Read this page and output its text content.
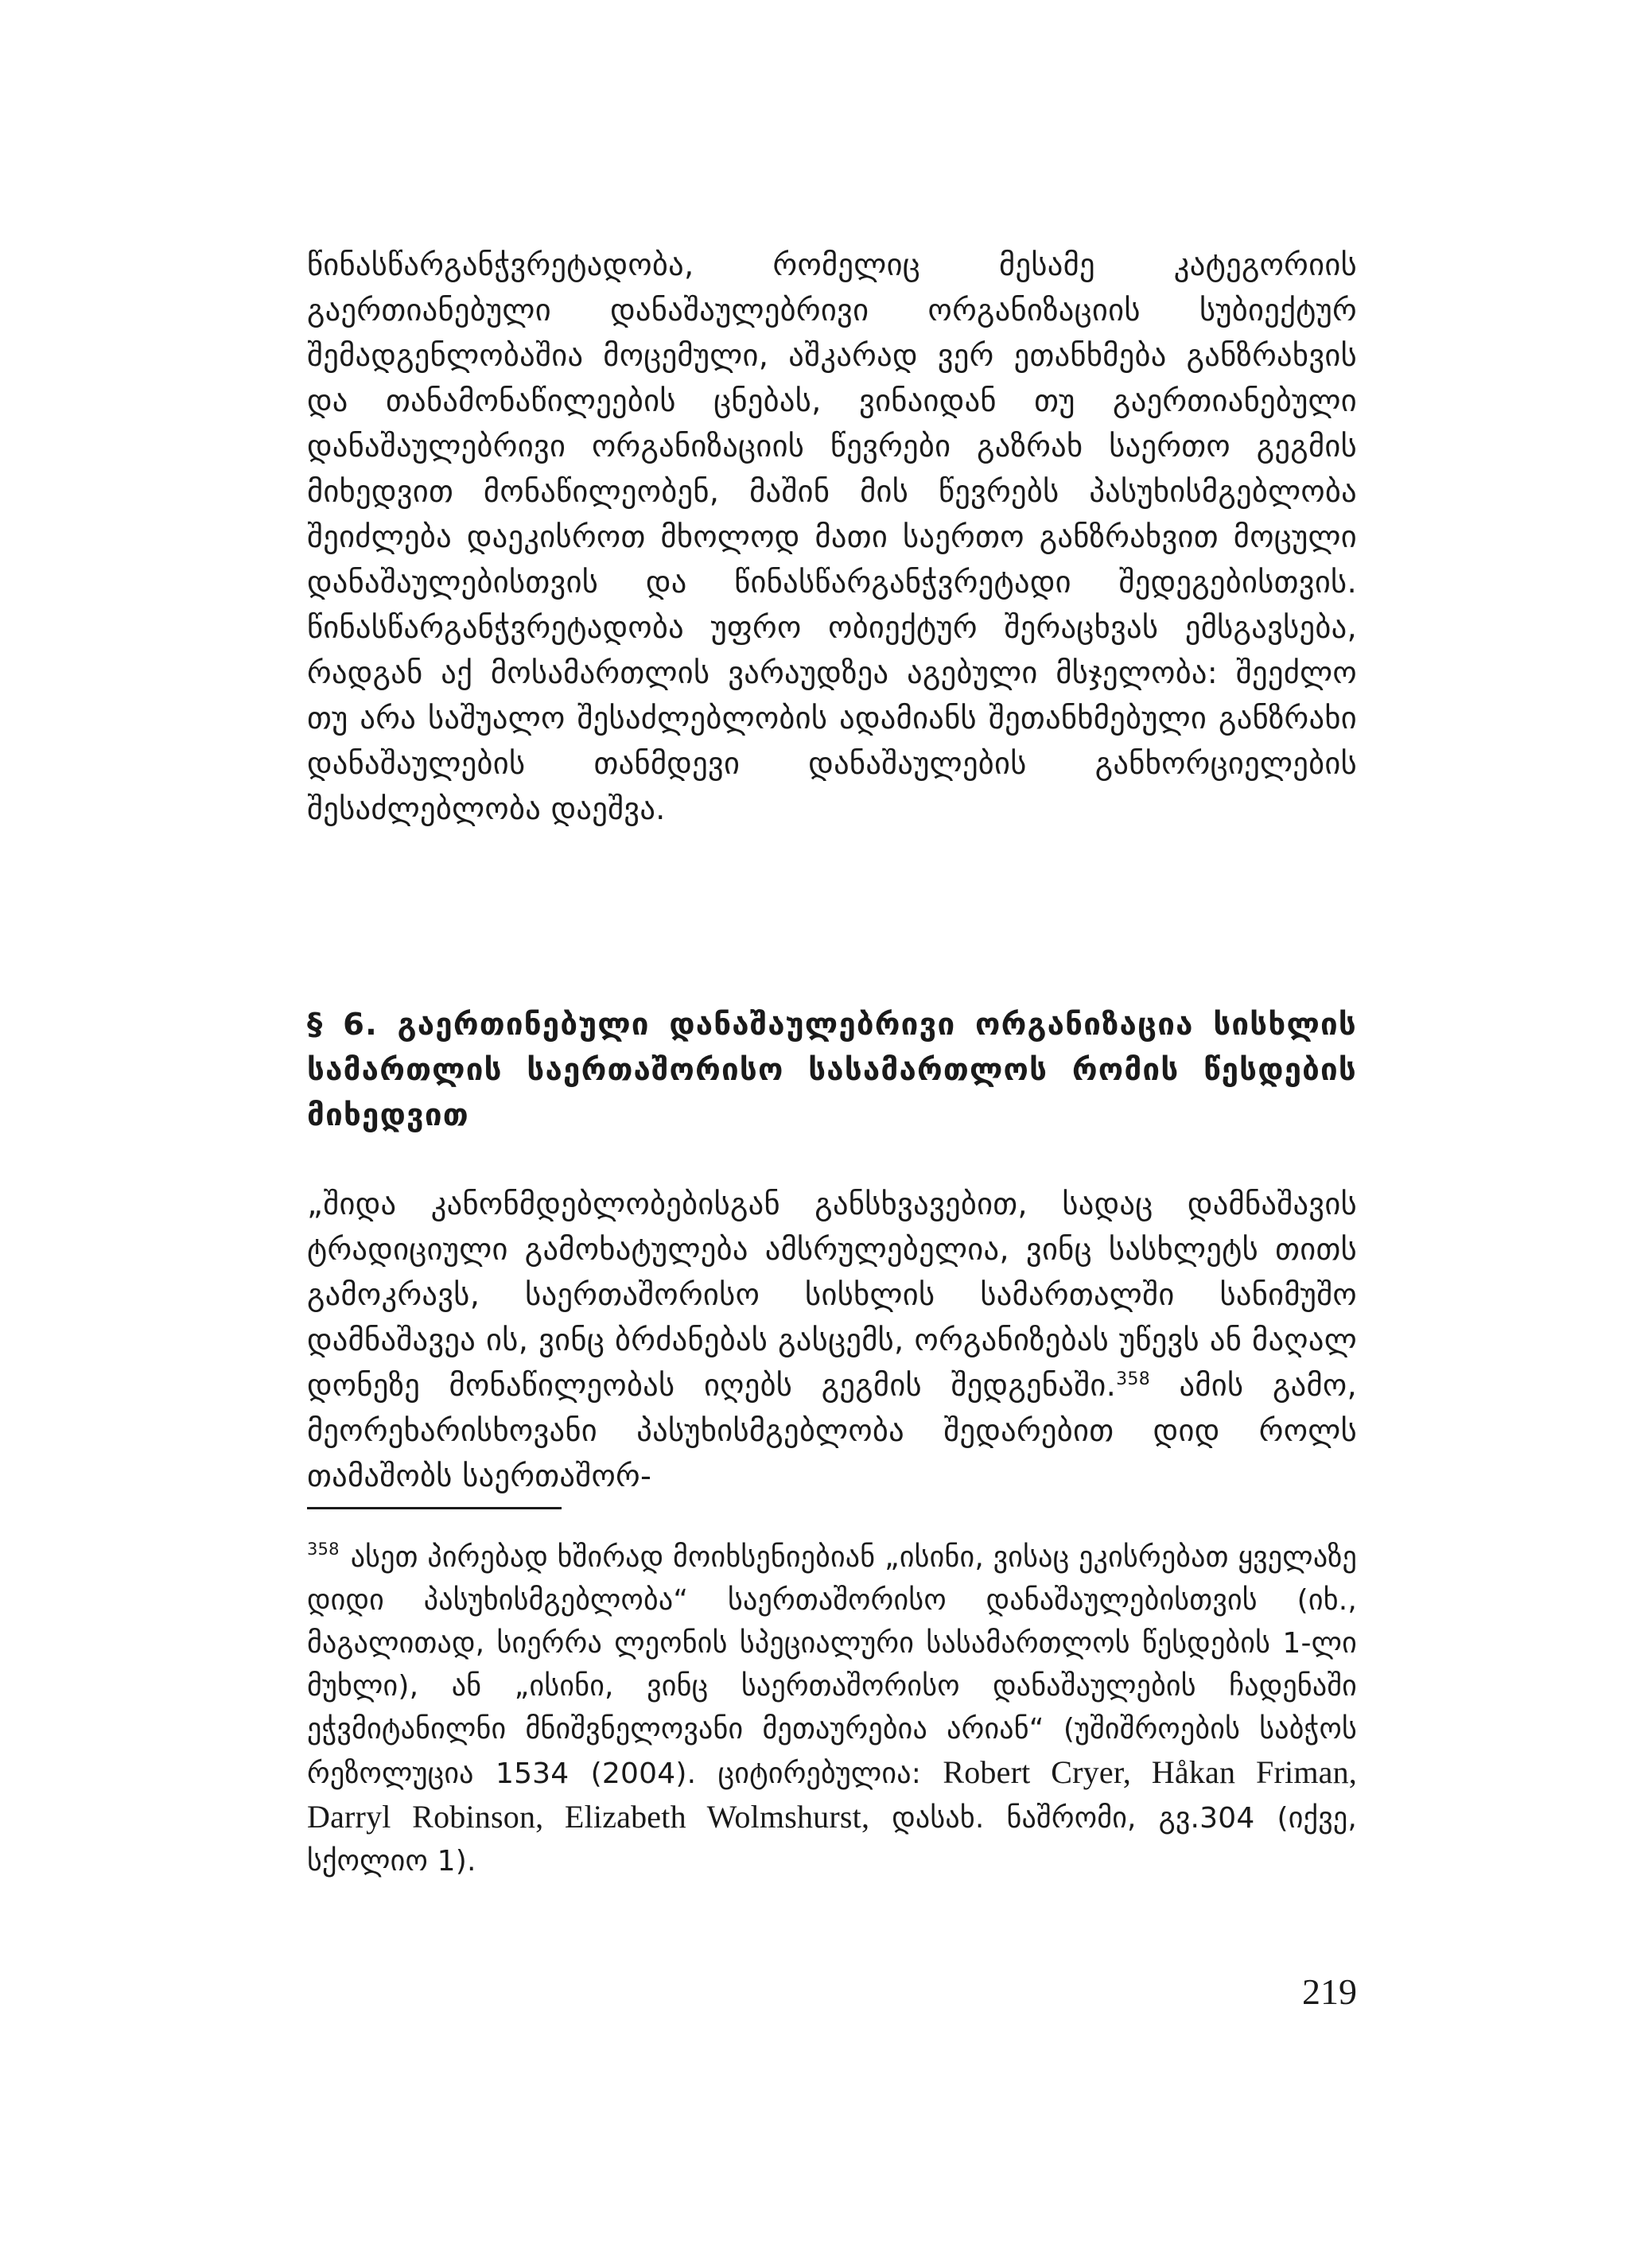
წინასწარგანჭვრეტადობა, რომელიც მესამე კატეგორიის გაერთიანებული დანაშაულებრივი ორგანიზაციის სუბიექტურ შემადგენლობაშია მოცემული, აშკარად ვერ ეთანხმება განზრახვის და თანამონაწილეების ცნებას, ვინაიდან თუ გაერთიანებული დანაშაულებრივი ორგანიზაციის წევრები გაზრახ საერთო გეგმის მიხედვით მონაწილეობენ, მაშინ მის წევრებს პასუხისმგებლობა შეიძლება დაეკისროთ მხოლოდ მათი საერთო განზრახვით მოცული დანაშაულებისთვის და წინასწარგანჭვრეტადი შედეგებისთვის. წინასწარგანჭვრეტადობა უფრო ობიექტურ შერაცხვას ემსგავსება, რადგან აქ მოსამართლის ვარაუდზეა აგებული მსჯელობა: შეეძლო თუ არა საშუალო შესაძლებლობის ადამიანს შეთანხმებული განზრახი დანაშაულების თანმდევი დანაშაულების განხორციელების შესაძლებლობა დაეშვა.

§ 6. გაერთინებული დანაშაულებრივი ორგანიზაცია სისხლის სამართლის საერთაშორისო სასამართლოს რომის წესდების მიხედვით

„შიდა კანონმდებლობებისგან განსხვავებით, სადაც დამნაშავის ტრადიციული გამოხატულება ამსრულებელია, ვინც სასხლეტს თითს გამოკრავს, საერთაშორისო სისხლის სამართალში სანიმუშო დამნაშავეა ის, ვინც ბრძანებას გასცემს, ორგანიზებას უწევს ან მაღალ დონეზე მონაწილეობას იღებს გეგმის შედგენაში.$^{358}$ ამის გამო, მეორეხარისხოვანი პასუხისმგებლობა შედარებით დიდ როლს თამაშობს საერთაშორ-

$^{358}$ ასეთ პირებად ხშირად მოიხსენიებიან „ისინი, ვისაც ეკისრებათ ყველაზე დიდი პასუხისმგებლობა“ საერთაშორისო დანაშაულებისთვის (იხ., მაგალითად, სიერრა ლეონის სპეციალური სასამართლოს წესდების 1-ლი მუხლი), ან „ისინი, ვინც საერთაშორისო დანაშაულების ჩადენაში ეჭვმიტანილნი მნიშვნელოვანი მეთაურებია არიან“ (უშიშროების საბჭოს რეზოლუცია 1534 (2004). ციტირებულია: Robert Cryer, Håkan Friman, Darryl Robinson, Elizabeth Wolmshurst, დასახ. ნაშრომი, გვ.304 (იქვე, სქოლიო 1).

219
